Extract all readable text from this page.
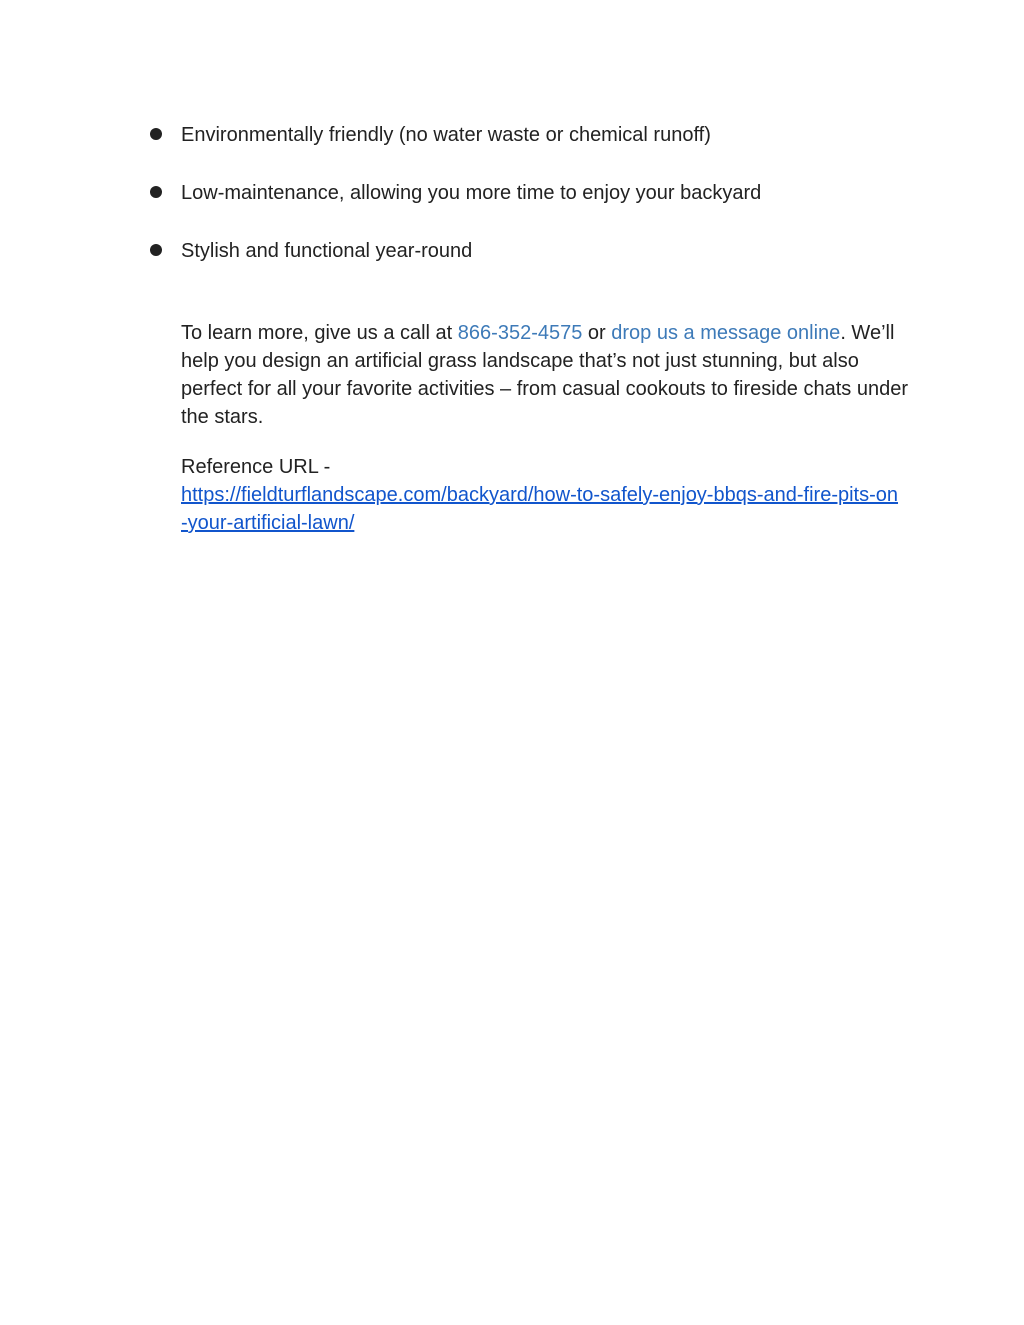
Environmentally friendly (no water waste or chemical runoff)
Low-maintenance, allowing you more time to enjoy your backyard
Stylish and functional year-round

To learn more, give us a call at 866-352-4575 or drop us a message online. We’ll help you design an artificial grass landscape that’s not just stunning, but also perfect for all your favorite activities – from casual cookouts to fireside chats under the stars.

Reference URL -
https://fieldturflandscape.com/backyard/how-to-safely-enjoy-bbqs-and-fire-pits-on-your-artificial-lawn/
